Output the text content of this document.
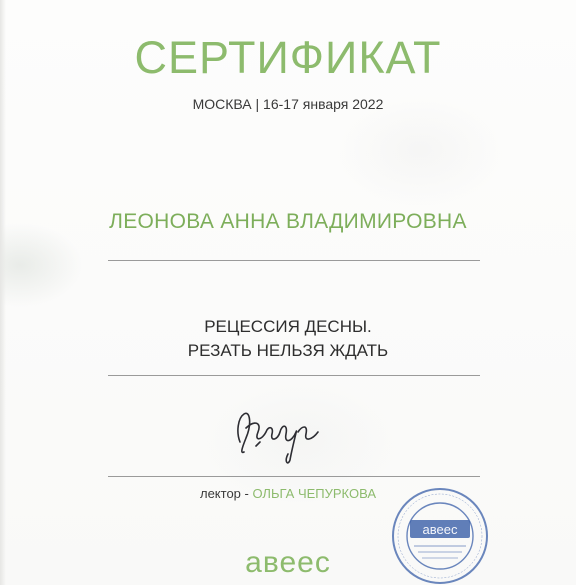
СЕРТИФИКАТ
МОСКВА | 16-17 января 2022
ЛЕОНОВА АННА ВЛАДИМИРОВНА
РЕЦЕССИЯ ДЕСНЫ.
РЕЗАТЬ НЕЛЬЗЯ ЖДАТЬ
лектор - ОЛЬГА ЧЕПУРКОВА
авеес
авеес
